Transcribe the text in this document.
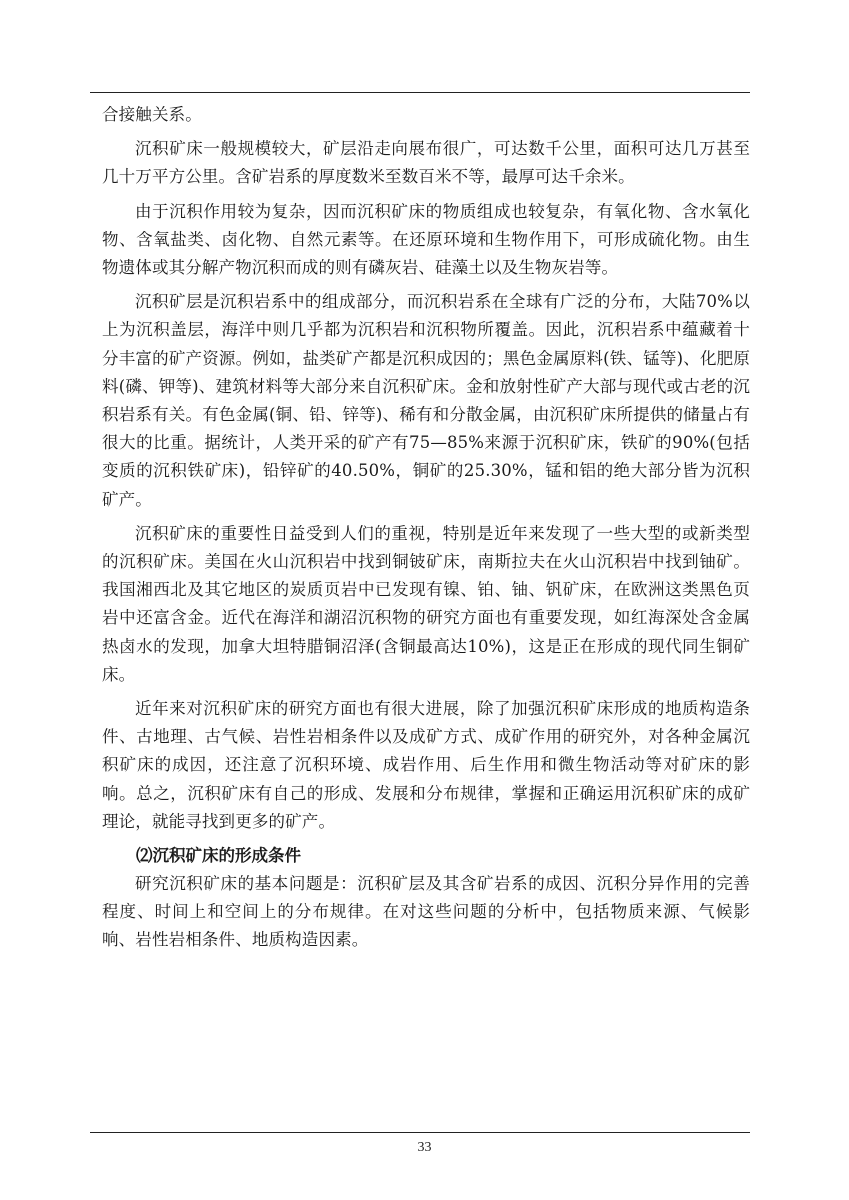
合接触关系。

沉积矿床一般规模较大，矿层沿走向展布很广，可达数千公里，面积可达几万甚至几十万平方公里。含矿岩系的厚度数米至数百米不等，最厚可达千余米。

由于沉积作用较为复杂，因而沉积矿床的物质组成也较复杂，有氧化物、含水氧化物、含氧盐类、卤化物、自然元素等。在还原环境和生物作用下，可形成硫化物。由生物遗体或其分解产物沉积而成的则有磷灰岩、硅藻土以及生物灰岩等。

沉积矿层是沉积岩系中的组成部分，而沉积岩系在全球有广泛的分布，大陆70%以上为沉积盖层，海洋中则几乎都为沉积岩和沉积物所覆盖。因此，沉积岩系中蕴藏着十分丰富的矿产资源。例如，盐类矿产都是沉积成因的；黑色金属原料(铁、锰等)、化肥原料(磷、钾等)、建筑材料等大部分来自沉积矿床。金和放射性矿产大部与现代或古老的沉积岩系有关。有色金属(铜、铅、锌等)、稀有和分散金属，由沉积矿床所提供的储量占有很大的比重。据统计，人类开采的矿产有75—85%来源于沉积矿床，铁矿的90%(包括变质的沉积铁矿床)，铅锌矿的40.50%，铜矿的25.30%，锰和铝的绝大部分皆为沉积矿产。

沉积矿床的重要性日益受到人们的重视，特别是近年来发现了一些大型的或新类型的沉积矿床。美国在火山沉积岩中找到铜铍矿床，南斯拉夫在火山沉积岩中找到铀矿。我国湘西北及其它地区的炭质页岩中已发现有镍、铂、铀、钒矿床，在欧洲这类黑色页岩中还富含金。近代在海洋和湖沼沉积物的研究方面也有重要发现，如红海深处含金属热卤水的发现，加拿大坦特腊铜沼泽(含铜最高达10%)，这是正在形成的现代同生铜矿床。

近年来对沉积矿床的研究方面也有很大进展，除了加强沉积矿床形成的地质构造条件、古地理、古气候、岩性岩相条件以及成矿方式、成矿作用的研究外，对各种金属沉积矿床的成因，还注意了沉积环境、成岩作用、后生作用和微生物活动等对矿床的影响。总之，沉积矿床有自己的形成、发展和分布规律，掌握和正确运用沉积矿床的成矿理论，就能寻找到更多的矿产。

⑵沉积矿床的形成条件

研究沉积矿床的基本问题是：沉积矿层及其含矿岩系的成因、沉积分异作用的完善程度、时间上和空间上的分布规律。在对这些问题的分析中，包括物质来源、气候影响、岩性岩相条件、地质构造因素。

33
